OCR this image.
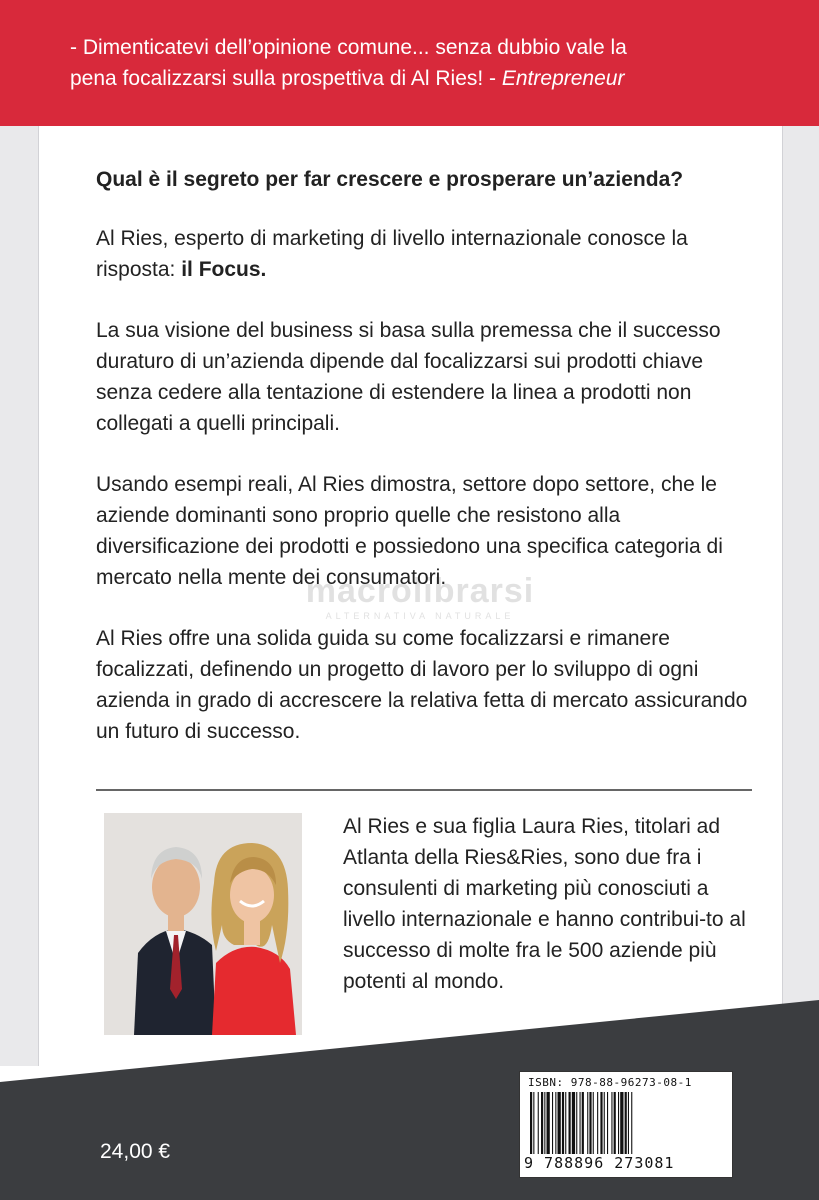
- Dimenticatevi dell’opinione comune... senza dubbio vale la
pena focalizzarsi sulla prospettiva di Al Ries! - Entrepreneur
macrolibrarsi
ALTERNATIVA NATURALE

Qual è il segreto per far crescere e prosperare un’azienda?

Al Ries, esperto di marketing di livello internazionale conosce la risposta: il Focus.

La sua visione del business si basa sulla premessa che il successo duraturo di un’azienda dipende dal focalizzarsi sui prodotti chiave senza cedere alla tentazione di estendere la linea a prodotti non collegati a quelli principali.

Usando esempi reali, Al Ries dimostra, settore dopo settore, che le aziende dominanti sono proprio quelle che resistono alla diversificazione dei prodotti e possiedono una specifica categoria di mercato nella mente dei consumatori.

Al Ries offre una solida guida su come focalizzarsi e rimanere focalizzati, definendo un progetto di lavoro per lo sviluppo di ogni azienda in grado di accrescere la relativa fetta di mercato assicurando un futuro di successo.

Al Ries e sua figlia Laura Ries, titolari ad Atlanta della Ries&Ries, sono due fra i consulenti di marketing più conosciuti a livello internazionale e hanno contribui-to al successo di molte fra le 500 aziende più potenti al mondo.
24,00 €
ISBN: 978-88-96273-08-1
9 788896 273081
